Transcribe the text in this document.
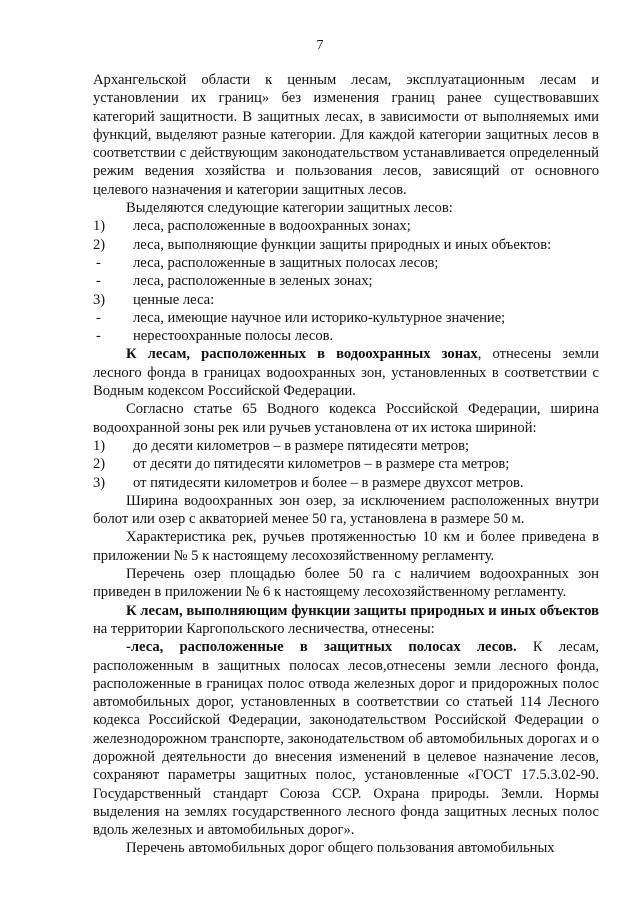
7

Архангельской области к ценным лесам, эксплуатационным лесам и установлении их границ» без изменения границ ранее существовавших категорий защитности. В защитных лесах, в зависимости от выполняемых ими функций, выделяют разные категории. Для каждой категории защитных лесов в соответствии с действующим законодательством устанавливается определенный режим ведения хозяйства и пользования лесов, зависящий от основного целевого назначения и категории защитных лесов.

Выделяются следующие категории защитных лесов:

1)	леса, расположенные в водоохранных зонах;

2)	леса, выполняющие функции защиты природных и иных объектов:

-	леса, расположенные в защитных полосах лесов;

-	леса, расположенные в зеленых зонах;

3)	ценные леса:

-	леса, имеющие научное или историко-культурное значение;

-	нерестоохранные полосы лесов.

К лесам, расположенных в водоохранных зонах, отнесены земли лесного фонда в границах водоохранных зон, установленных в соответствии с Водным кодексом Российской Федерации.

Согласно статье 65 Водного кодекса Российской Федерации, ширина водоохранной зоны рек или ручьев установлена от их истока шириной:

1)	до десяти километров – в размере пятидесяти метров;

2)	от десяти до пятидесяти километров – в размере ста метров;

3)	от пятидесяти километров и более – в размере двухсот метров.

Ширина водоохранных зон озер, за исключением расположенных внутри болот или озер с акваторией менее 50 га, установлена в размере 50 м.

Характеристика рек, ручьев протяженностью 10 км и более приведена в приложении № 5 к настоящему лесохозяйственному регламенту.

Перечень озер площадью более 50 га с наличием водоохранных зон приведен в приложении № 6 к настоящему лесохозяйственному регламенту.

К лесам, выполняющим функции защиты природных и иных объектов на территории Каргопольского лесничества, отнесены:

-леса, расположенные в защитных полосах лесов. К лесам, расположенным в защитных полосах лесов,отнесены земли лесного фонда, расположенные в границах полос отвода железных дорог и придорожных полос автомобильных дорог, установленных в соответствии со статьей 114 Лесного кодекса Российской Федерации, законодательством Российской Федерации о железнодорожном транспорте, законодательством об автомобильных дорогах и о дорожной деятельности до внесения изменений в целевое назначение лесов, сохраняют параметры защитных полос, установленные «ГОСТ 17.5.3.02-90. Государственный стандарт Союза ССР. Охрана природы. Земли. Нормы выделения на землях государственного лесного фонда защитных лесных полос вдоль железных и автомобильных дорог».

Перечень автомобильных дорог общего пользования автомобильных
